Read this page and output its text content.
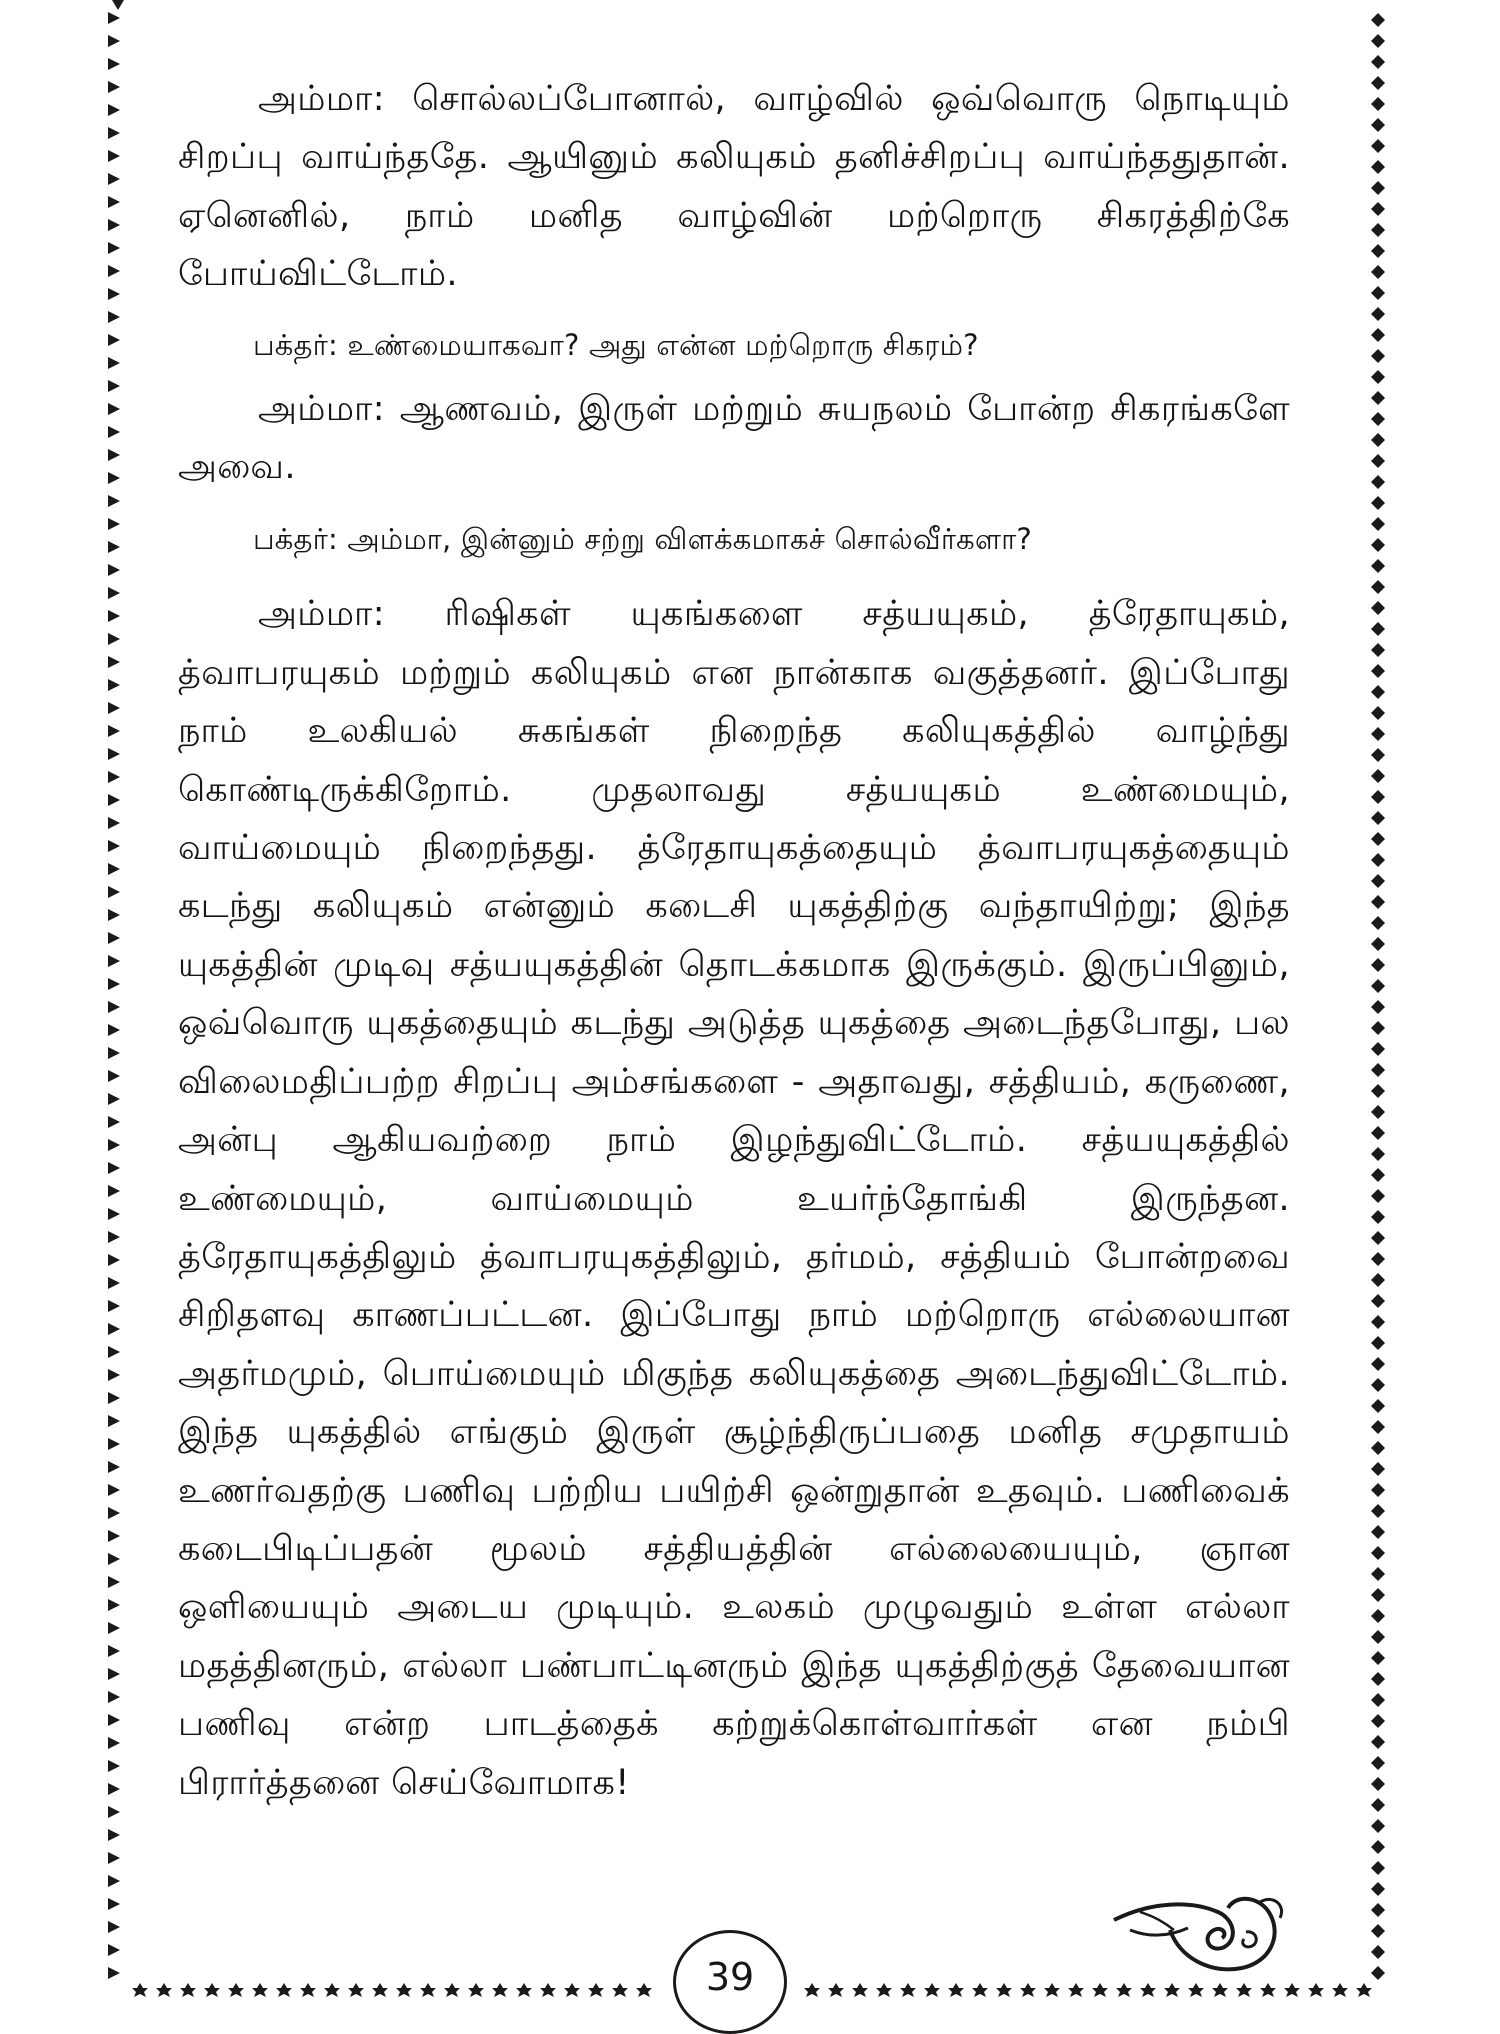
அம்மா: சொல்லப்போனால், வாழ்வில் ஒவ்வொரு நொடியும் சிறப்பு வாய்ந்ததே. ஆயினும் கலியுகம் தனிச்சிறப்பு வாய்ந்ததுதான். ஏனெனில், நாம் மனித வாழ்வின் மற்றொரு சிகரத்திற்கே போய்விட்டோம்.

பக்தர்: உண்மையாகவா? அது என்ன மற்றொரு சிகரம்?

அம்மா: ஆணவம், இருள் மற்றும் சுயநலம் போன்ற சிகரங்களே அவை.

பக்தர்: அம்மா, இன்னும் சற்று விளக்கமாகச் சொல்வீர்களா?

அம்மா: ரிஷிகள் யுகங்களை சத்யயுகம், த்ரேதாயுகம், த்வாபரயுகம் மற்றும் கலியுகம் என நான்காக வகுத்தனர். இப்போது நாம் உலகியல் சுகங்கள் நிறைந்த கலியுகத்தில் வாழ்ந்து கொண்டிருக்கிறோம். முதலாவது சத்யயுகம் உண்மையும், வாய்மையும் நிறைந்தது. த்ரேதாயுகத்தையும் த்வாபரயுகத்தையும் கடந்து கலியுகம் என்னும் கடைசி யுகத்திற்கு வந்தாயிற்று; இந்த யுகத்தின் முடிவு சத்யயுகத்தின் தொடக்கமாக இருக்கும். இருப்பினும், ஒவ்வொரு யுகத்தையும் கடந்து அடுத்த யுகத்தை அடைந்தபோது, பல விலைமதிப்பற்ற சிறப்பு அம்சங்களை - அதாவது, சத்தியம், கருணை, அன்பு ஆகியவற்றை நாம் இழந்துவிட்டோம். சத்யயுகத்தில் உண்மையும், வாய்மையும் உயர்ந்தோங்கி இருந்தன. த்ரேதாயுகத்திலும் த்வாபரயுகத்திலும், தர்மம், சத்தியம் போன்றவை சிறிதளவு காணப்பட்டன. இப்போது நாம் மற்றொரு எல்லையான அதர்மமும், பொய்மையும் மிகுந்த கலியுகத்தை அடைந்துவிட்டோம். இந்த யுகத்தில் எங்கும் இருள் சூழ்ந்திருப்பதை மனித சமுதாயம் உணர்வதற்கு பணிவு பற்றிய பயிற்சி ஒன்றுதான் உதவும். பணிவைக் கடைபிடிப்பதன் மூலம் சத்தியத்தின் எல்லையையும், ஞான ஒளியையும் அடைய முடியும். உலகம் முழுவதும் உள்ள எல்லா மதத்தினரும், எல்லா பண்பாட்டினரும் இந்த யுகத்திற்குத் தேவையான பணிவு என்ற பாடத்தைக் கற்றுக்கொள்வார்கள் என நம்பி பிரார்த்தனை செய்வோமாக!

39
